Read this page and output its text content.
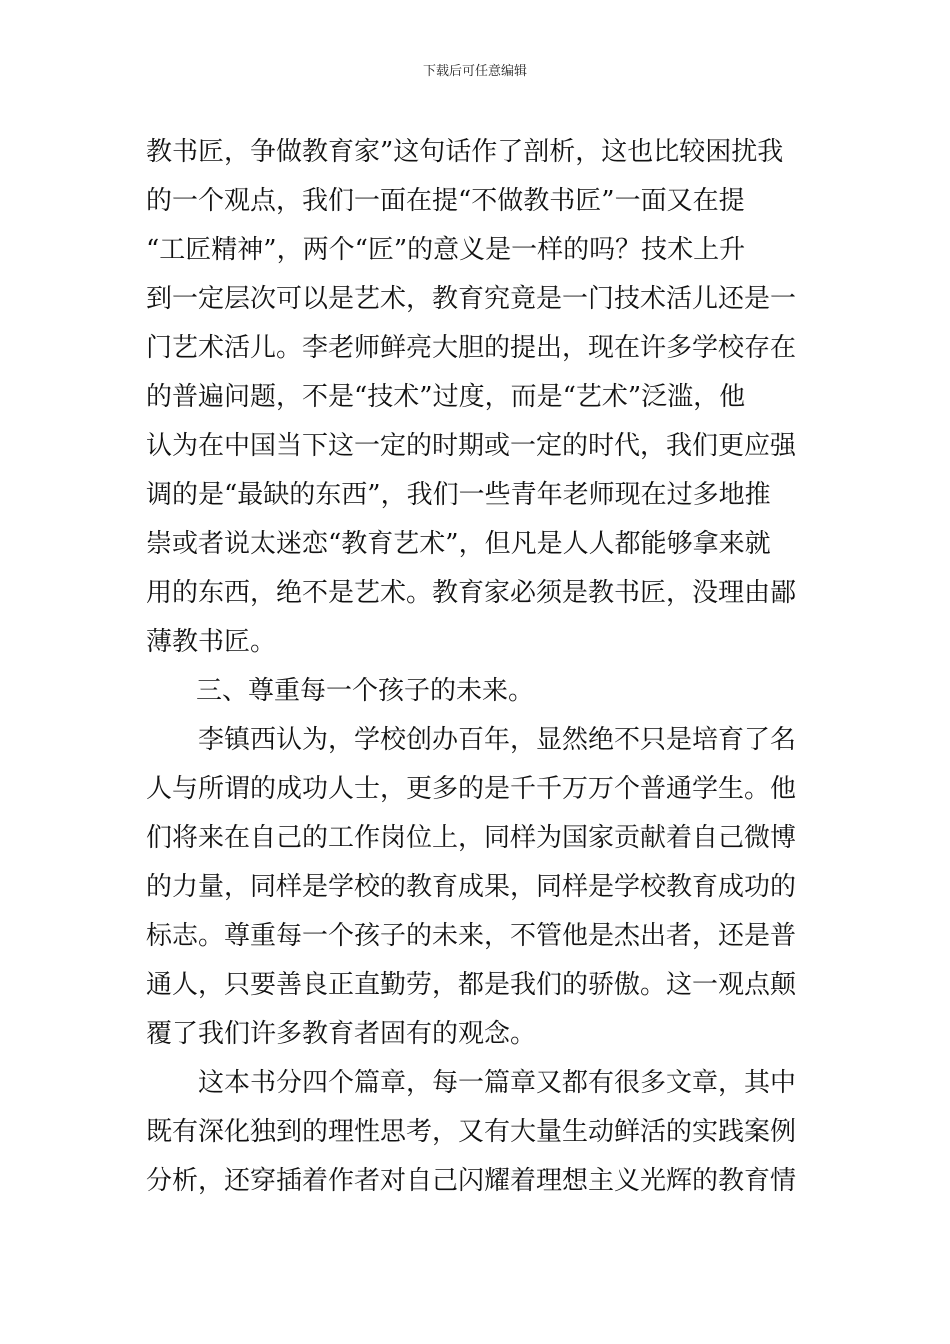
下载后可任意编辑
教书匠，争做教育家”这句话作了剖析，这也比较困扰我
的一个观点，我们一面在提“不做教书匠”一面又在提
“工匠精神”，两个“匠”的意义是一样的吗？技术上升
到一定层次可以是艺术，教育究竟是一门技术活儿还是一
门艺术活儿。李老师鲜亮大胆的提出，现在许多学校存在
的普遍问题，不是“技术”过度，而是“艺术”泛滥，他
认为在中国当下这一定的时期或一定的时代，我们更应强
调的是“最缺的东西”，我们一些青年老师现在过多地推
崇或者说太迷恋“教育艺术”，但凡是人人都能够拿来就
用的东西，绝不是艺术。教育家必须是教书匠，没理由鄙
薄教书匠。
三、尊重每一个孩子的未来。
李镇西认为，学校创办百年，显然绝不只是培育了名
人与所谓的成功人士，更多的是千千万万个普通学生。他
们将来在自己的工作岗位上，同样为国家贡献着自己微博
的力量，同样是学校的教育成果，同样是学校教育成功的
标志。尊重每一个孩子的未来，不管他是杰出者，还是普
通人，只要善良正直勤劳，都是我们的骄傲。这一观点颠
覆了我们许多教育者固有的观念。
这本书分四个篇章，每一篇章又都有很多文章，其中
既有深化独到的理性思考，又有大量生动鲜活的实践案例
分析，还穿插着作者对自己闪耀着理想主义光辉的教育情
